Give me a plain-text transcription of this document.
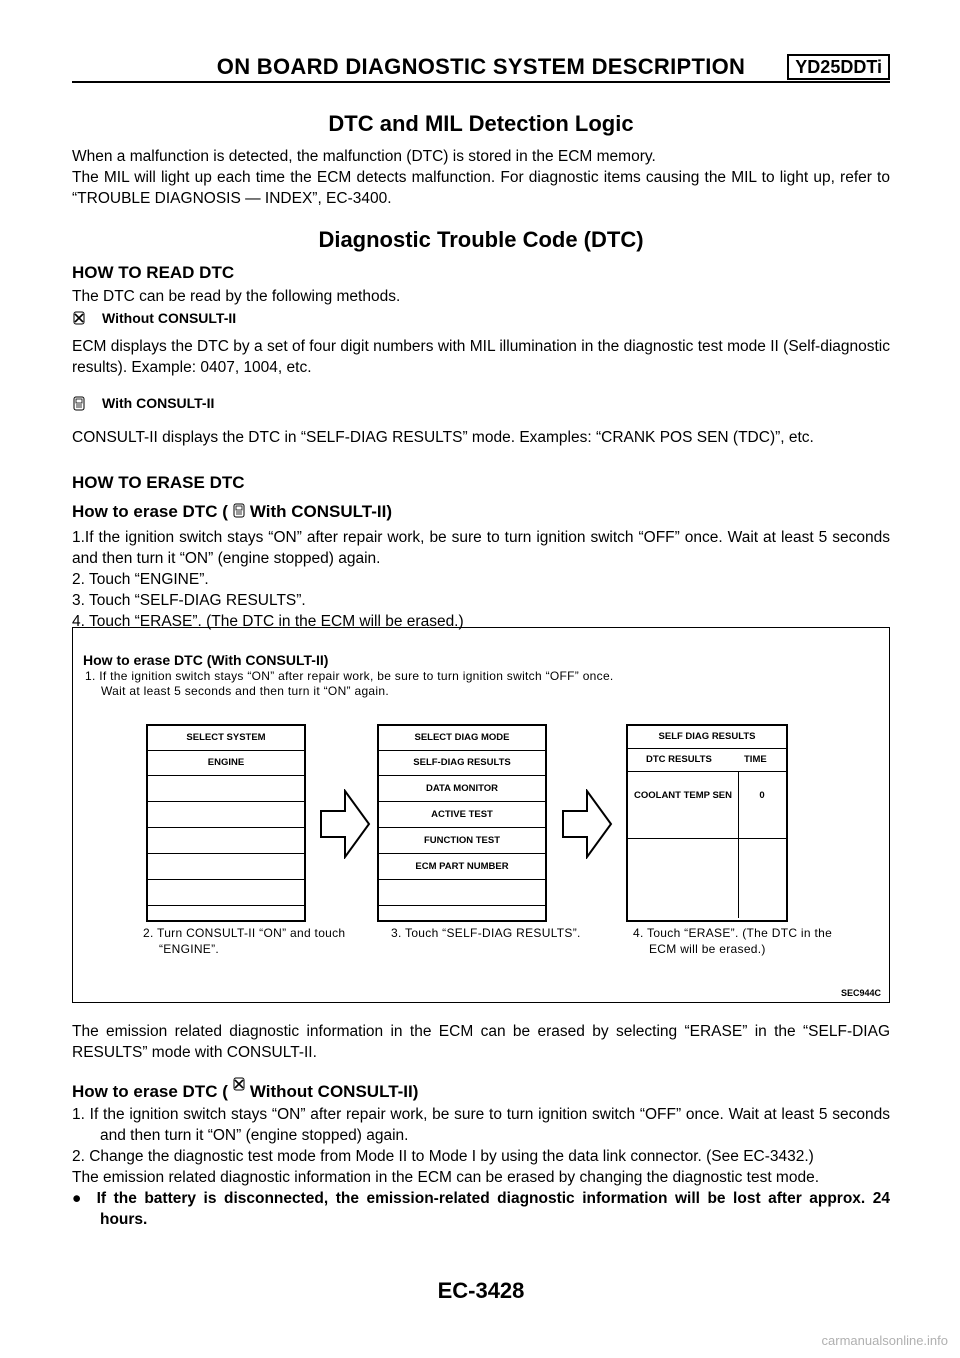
ON BOARD DIAGNOSTIC SYSTEM DESCRIPTION	YD25DDTi
DTC and MIL Detection Logic
When a malfunction is detected, the malfunction (DTC) is stored in the ECM memory.
The MIL will light up each time the ECM detects malfunction. For diagnostic items causing the MIL to light up, refer to “TROUBLE DIAGNOSIS — INDEX”, EC-3400.
Diagnostic Trouble Code (DTC)
HOW TO READ DTC
The DTC can be read by the following methods.
Without CONSULT-II
ECM displays the DTC by a set of four digit numbers with MIL illumination in the diagnostic test mode II (Self-diagnostic results). Example: 0407, 1004, etc.
With CONSULT-II
CONSULT-II displays the DTC in “SELF-DIAG RESULTS” mode. Examples: “CRANK POS SEN (TDC)”, etc.
HOW TO ERASE DTC
How to erase DTC ( With CONSULT-II)
1.If the ignition switch stays “ON” after repair work, be sure to turn ignition switch “OFF” once. Wait at least 5 seconds and then turn it “ON” (engine stopped) again.
2. Touch “ENGINE”.
3. Touch “SELF-DIAG RESULTS”.
4. Touch “ERASE”. (The DTC in the ECM will be erased.)
How to erase DTC (With CONSULT-II)
1. If the ignition switch stays “ON” after repair work, be sure to turn ignition switch “OFF” once.
Wait at least 5 seconds and then turn it “ON” again.
SELECT SYSTEM
ENGINE
SELECT DIAG MODE
SELF-DIAG RESULTS
DATA MONITOR
ACTIVE TEST
FUNCTION TEST
ECM PART NUMBER
SELF DIAG RESULTS
DTC RESULTS	TIME
COOLANT TEMP SEN	0
2. Turn CONSULT-II “ON” and touch
“ENGINE”.
3. Touch “SELF-DIAG RESULTS”.	4. Touch “ERASE”. (The DTC in the
ECM will be erased.)
SEC944C
The emission related diagnostic information in the ECM can be erased by selecting “ERASE” in the “SELF-DIAG RESULTS” mode with CONSULT-II.
How to erase DTC ( Without CONSULT-II)
1. If the ignition switch stays “ON” after repair work, be sure to turn ignition switch “OFF” once. Wait at least 5 seconds and then turn it “ON” (engine stopped) again.
2. Change the diagnostic test mode from Mode II to Mode I by using the data link connector. (See EC-3432.)
The emission related diagnostic information in the ECM can be erased by changing the diagnostic test mode.
● If the battery is disconnected, the emission-related diagnostic information will be lost after approx. 24 hours.
EC-3428
carmanualsonline.info
